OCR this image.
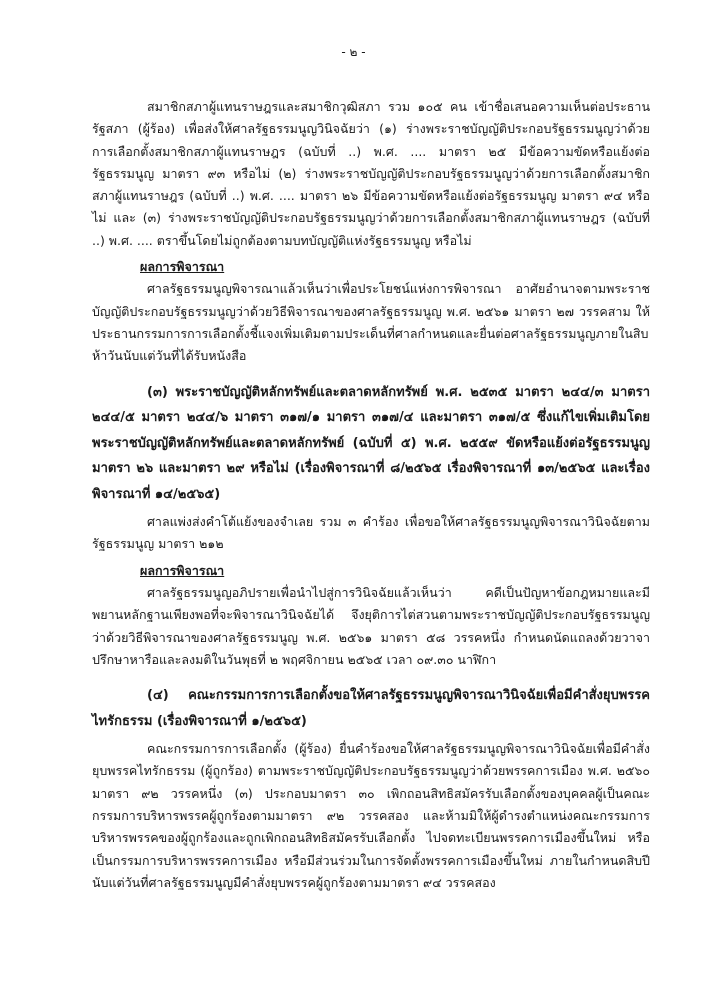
- ๒ -

สมาชิกสภาผู้แทนราษฎรและสมาชิกวุฒิสภา รวม ๑๐๕ คน เข้าชื่อเสนอความเห็นต่อประธานรัฐสภา (ผู้ร้อง) เพื่อส่งให้ศาลรัฐธรรมนูญวินิจฉัยว่า (๑) ร่างพระราชบัญญัติประกอบรัฐธรรมนูญว่าด้วยการเลือกตั้งสมาชิกสภาผู้แทนราษฎร (ฉบับที่ ..) พ.ศ. .... มาตรา ๒๕ มีข้อความขัดหรือแย้งต่อรัฐธรรมนูญ มาตรา ๙๓ หรือไม่ (๒) ร่างพระราชบัญญัติประกอบรัฐธรรมนูญว่าด้วยการเลือกตั้งสมาชิกสภาผู้แทนราษฎร (ฉบับที่ ..) พ.ศ. .... มาตรา ๒๖ มีข้อความขัดหรือแย้งต่อรัฐธรรมนูญ มาตรา ๙๔ หรือไม่ และ (๓) ร่างพระราชบัญญัติประกอบรัฐธรรมนูญว่าด้วยการเลือกตั้งสมาชิกสภาผู้แทนราษฎร (ฉบับที่ ..) พ.ศ. .... ตราขึ้นโดยไม่ถูกต้องตามบทบัญญัติแห่งรัฐธรรมนูญ หรือไม่

ผลการพิจารณา

ศาลรัฐธรรมนูญพิจารณาแล้วเห็นว่าเพื่อประโยชน์แห่งการพิจารณา อาศัยอำนาจตามพระราชบัญญัติประกอบรัฐธรรมนูญว่าด้วยวิธีพิจารณาของศาลรัฐธรรมนูญ พ.ศ. ๒๕๖๑ มาตรา ๒๗ วรรคสาม ให้ประธานกรรมการการเลือกตั้งชี้แจงเพิ่มเติมตามประเด็นที่ศาลกำหนดและยื่นต่อศาลรัฐธรรมนูญภายในสิบห้าวันนับแต่วันที่ได้รับหนังสือ

(๓) พระราชบัญญัติหลักทรัพย์และตลาดหลักทรัพย์ พ.ศ. ๒๕๓๕ มาตรา ๒๔๔/๓ มาตรา ๒๔๔/๕ มาตรา ๒๔๔/๖ มาตรา ๓๑๗/๑ มาตรา ๓๑๗/๔ และมาตรา ๓๑๗/๕ ซึ่งแก้ไขเพิ่มเติมโดยพระราชบัญญัติหลักทรัพย์และตลาดหลักทรัพย์ (ฉบับที่ ๕) พ.ศ. ๒๕๕๙ ขัดหรือแย้งต่อรัฐธรรมนูญ มาตรา ๒๖ และมาตรา ๒๙ หรือไม่ (เรื่องพิจารณาที่ ๘/๒๕๖๕ เรื่องพิจารณาที่ ๑๓/๒๕๖๕ และเรื่องพิจารณาที่ ๑๔/๒๕๖๕)

ศาลแพ่งส่งคำโต้แย้งของจำเลย รวม ๓ คำร้อง เพื่อขอให้ศาลรัฐธรรมนูญพิจารณาวินิจฉัยตามรัฐธรรมนูญ มาตรา ๒๑๒

ผลการพิจารณา

ศาลรัฐธรรมนูญอภิปรายเพื่อนำไปสู่การวินิจฉัยแล้วเห็นว่า คดีเป็นปัญหาข้อกฎหมายและมีพยานหลักฐานเพียงพอที่จะพิจารณาวินิจฉัยได้ จึงยุติการไต่สวนตามพระราชบัญญัติประกอบรัฐธรรมนูญว่าด้วยวิธีพิจารณาของศาลรัฐธรรมนูญ พ.ศ. ๒๕๖๑ มาตรา ๕๘ วรรคหนึ่ง กำหนดนัดแถลงด้วยวาจา ปรึกษาหารือและลงมติในวันพุธที่ ๒ พฤศจิกายน ๒๕๖๕ เวลา ๐๙.๓๐ นาฬิกา

(๔) คณะกรรมการการเลือกตั้งขอให้ศาลรัฐธรรมนูญพิจารณาวินิจฉัยเพื่อมีคำสั่งยุบพรรคไทรักธรรม (เรื่องพิจารณาที่ ๑/๒๕๖๕)

คณะกรรมการการเลือกตั้ง (ผู้ร้อง) ยื่นคำร้องขอให้ศาลรัฐธรรมนูญพิจารณาวินิจฉัยเพื่อมีคำสั่งยุบพรรคไทรักธรรม (ผู้ถูกร้อง) ตามพระราชบัญญัติประกอบรัฐธรรมนูญว่าด้วยพรรคการเมือง พ.ศ. ๒๕๖๐ มาตรา ๙๒ วรรคหนึ่ง (๓) ประกอบมาตรา ๓๐ เพิกถอนสิทธิสมัครรับเลือกตั้งของบุคคลผู้เป็นคณะกรรมการบริหารพรรคผู้ถูกร้องตามมาตรา ๙๒ วรรคสอง และห้ามมิให้ผู้ดำรงตำแหน่งคณะกรรมการบริหารพรรคของผู้ถูกร้องและถูกเพิกถอนสิทธิสมัครรับเลือกตั้ง ไปจดทะเบียนพรรคการเมืองขึ้นใหม่ หรือเป็นกรรมการบริหารพรรคการเมือง หรือมีส่วนร่วมในการจัดตั้งพรรคการเมืองขึ้นใหม่ ภายในกำหนดสิบปีนับแต่วันที่ศาลรัฐธรรมนูญมีคำสั่งยุบพรรคผู้ถูกร้องตามมาตรา ๙๔ วรรคสอง
